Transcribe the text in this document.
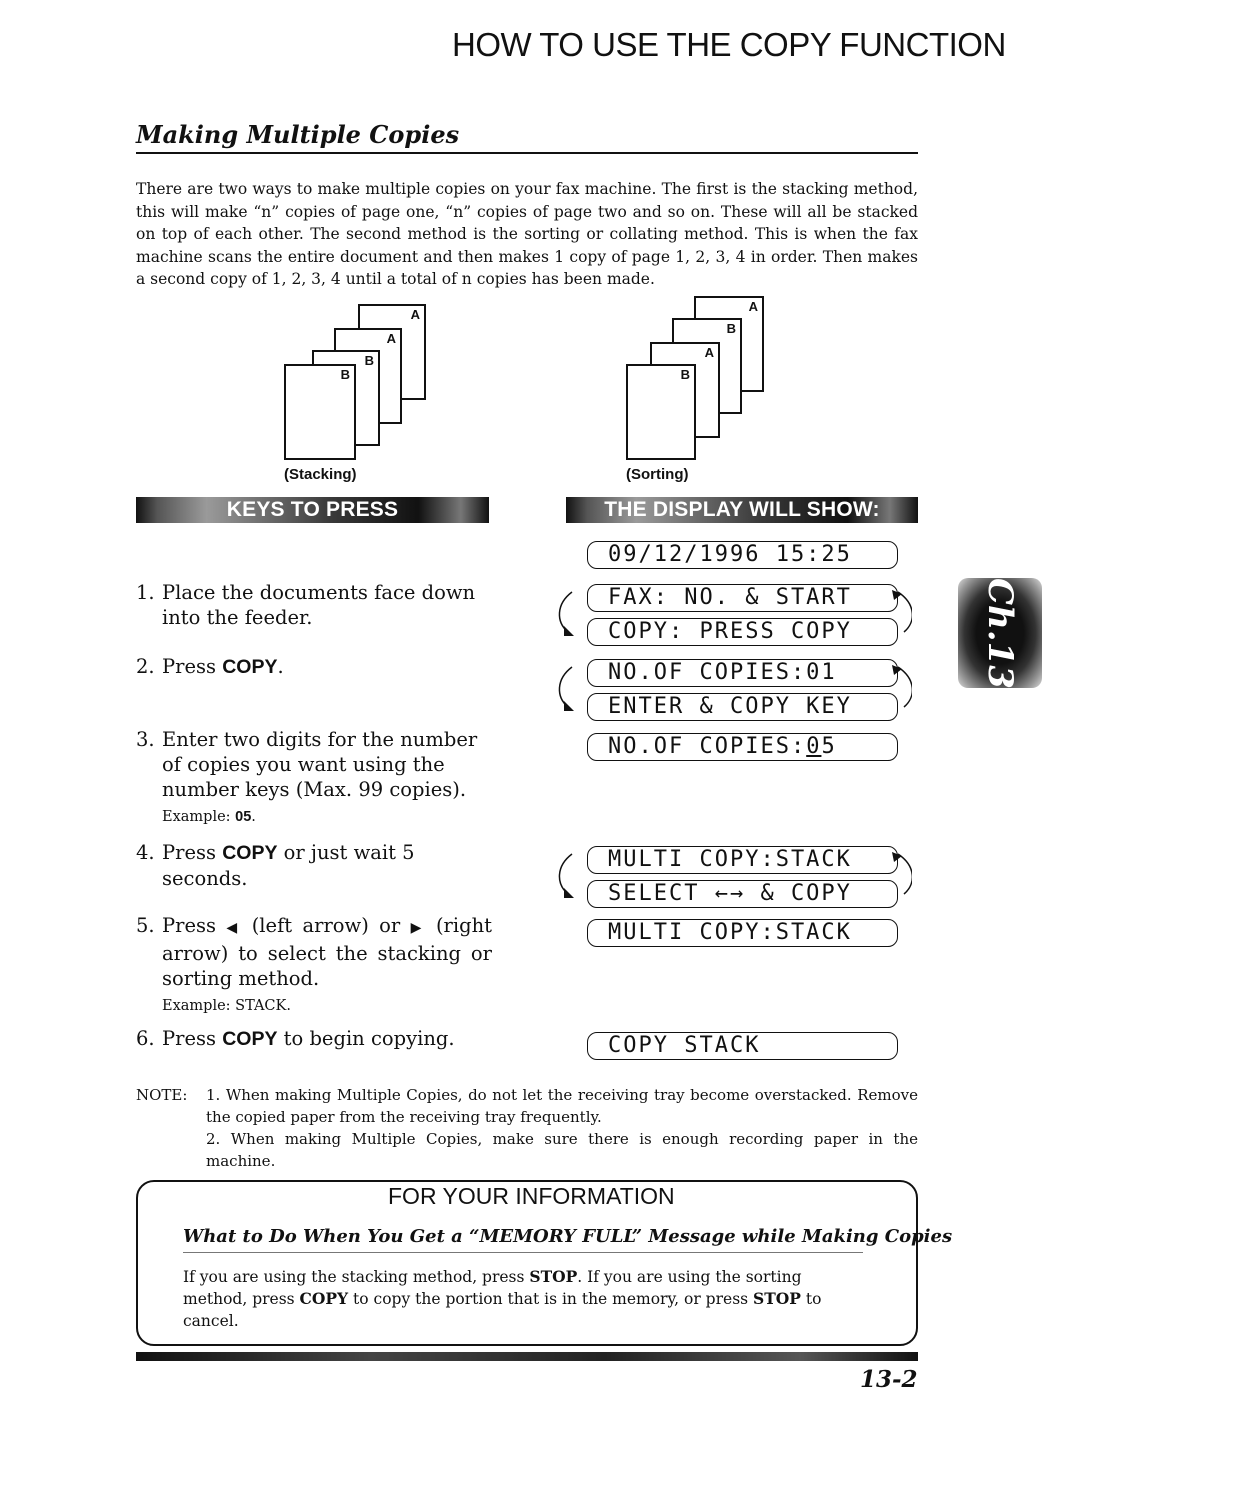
HOW TO USE THE COPY FUNCTION
Making Multiple Copies
There are two ways to make multiple copies on your fax machine. The first is the stacking method, this will make “n” copies of page one, “n” copies of page two and so on. These will all be stacked on top of each other. The second method is the sorting or collating method. This is when the fax machine scans the entire document and then makes 1 copy of page 1, 2, 3, 4 in order. Then makes a second copy of 1, 2, 3, 4 until a total of n copies has been made.
A
A
B
B
(Stacking)
A
B
A
B
(Sorting)
KEYS TO PRESS	THE DISPLAY WILL SHOW:
1. Place the documents face down into the feeder.
2. Press COPY.
3. Enter two digits for the number of copies you want using the number keys (Max. 99 copies).
Example: 05.
4. Press COPY or just wait 5 seconds.
5. Press ◀ (left arrow) or ▶ (right arrow) to select the stacking or sorting method.
Example: STACK.
6. Press COPY to begin copying.
09/12/1996 15:25
FAX: NO. & START
COPY: PRESS COPY
NO.OF COPIES:01
ENTER & COPY KEY
NO.OF COPIES:05
MULTI COPY:STACK
SELECT ←→ & COPY
MULTI COPY:STACK
COPY STACK
Ch.13
NOTE: 1. When making Multiple Copies, do not let the receiving tray become overstacked. Remove the copied paper from the receiving tray frequently.
2. When making Multiple Copies, make sure there is enough recording paper in the machine.
FOR YOUR INFORMATION
What to Do When You Get a “MEMORY FULL” Message while Making Copies
If you are using the stacking method, press STOP. If you are using the sorting method, press COPY to copy the portion that is in the memory, or press STOP to cancel.
13-2
